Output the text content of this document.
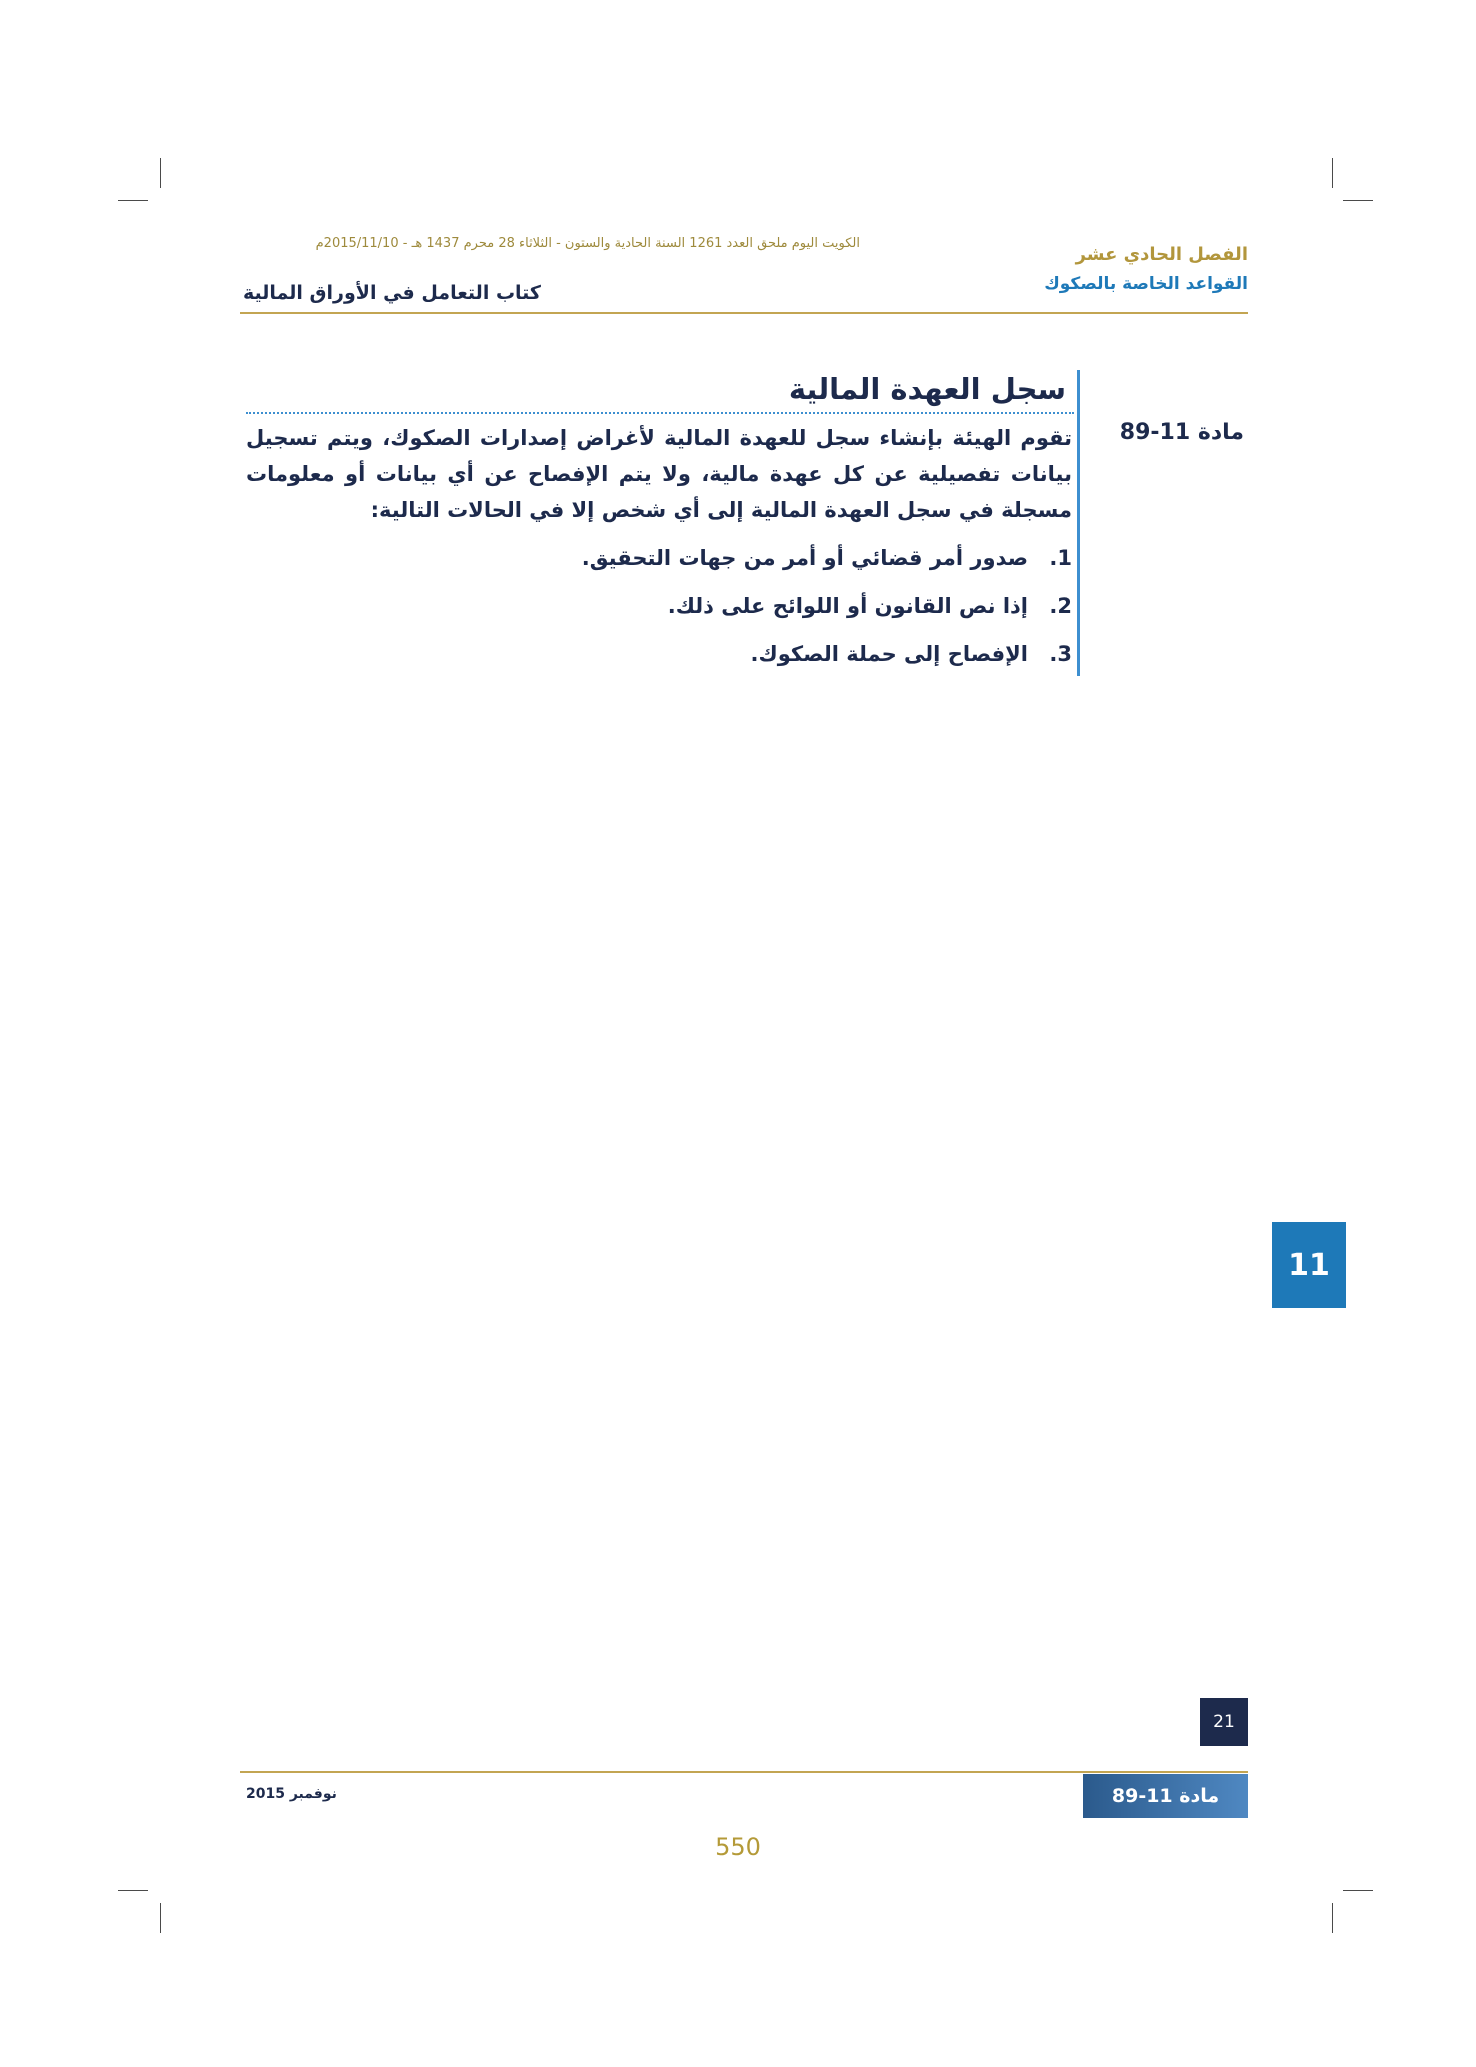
الكويت اليوم ملحق العدد 1261 السنة الحادية والستون - الثلاثاء 28 محرم 1437 هـ - 2015/11/10م
الفصل الحادي عشر
القواعد الخاصة بالصكوك
كتاب التعامل في الأوراق المالية
مادة 11-89
سجل العهدة المالية

تقوم الهيئة بإنشاء سجل للعهدة المالية لأغراض إصدارات الصكوك، ويتم تسجيل بيانات تفصيلية عن كل عهدة مالية، ولا يتم الإفصاح عن أي بيانات أو معلومات مسجلة في سجل العهدة المالية إلى أي شخص إلا في الحالات التالية:

1.صدور أمر قضائي أو أمر من جهات التحقيق.
2.إذا نص القانون أو اللوائح على ذلك.
3.الإفصاح إلى حملة الصكوك.
11
21
نوفمبر 2015	مادة 11-89
550
